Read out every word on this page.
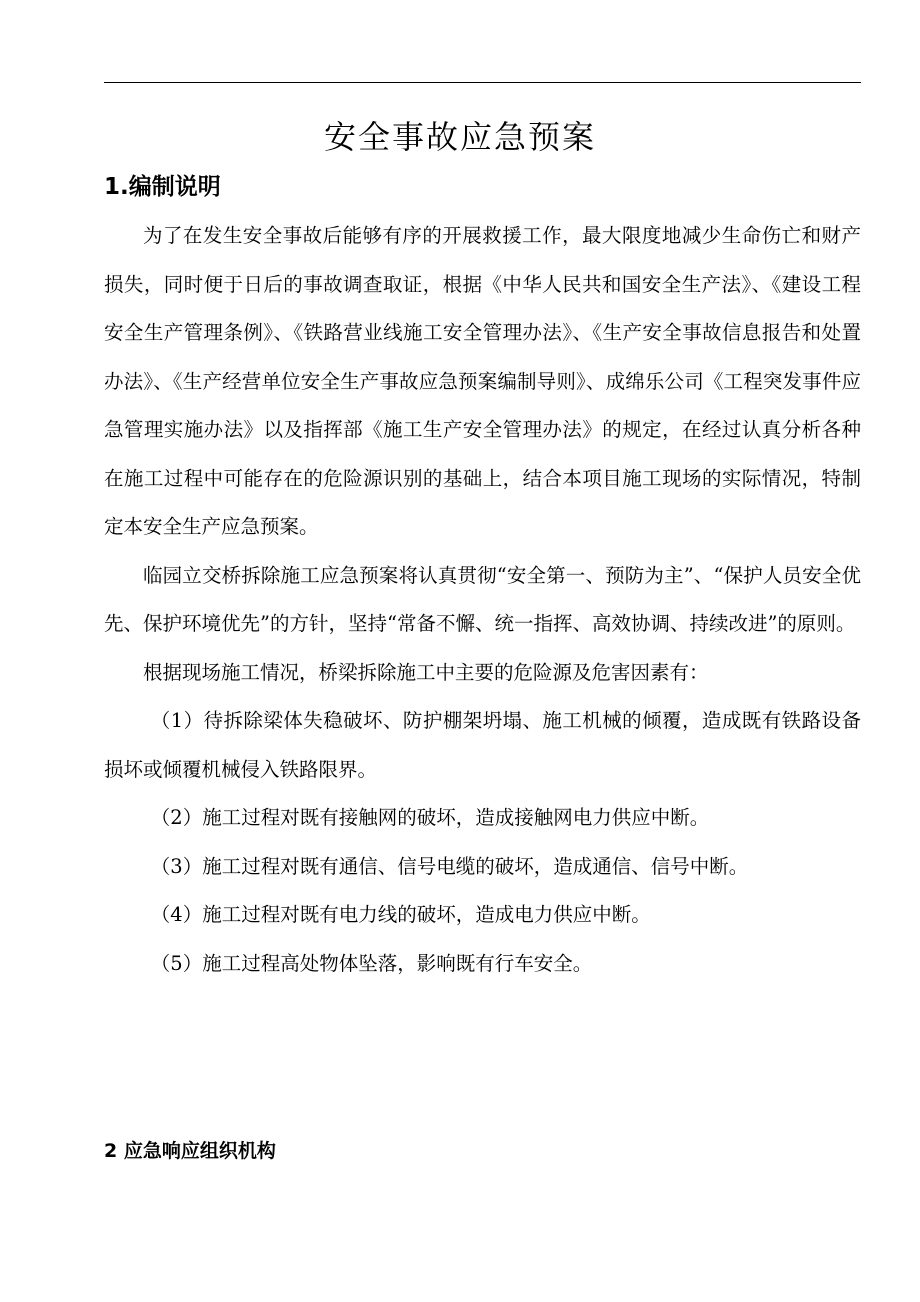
安全事故应急预案
1.编制说明

为了在发生安全事故后能够有序的开展救援工作，最大限度地减少生命伤亡和财产损失，同时便于日后的事故调查取证，根据《中华人民共和国安全生产法》、《建设工程安全生产管理条例》、《铁路营业线施工安全管理办法》、《生产安全事故信息报告和处置办法》、《生产经营单位安全生产事故应急预案编制导则》、成绵乐公司《工程突发事件应急管理实施办法》以及指挥部《施工生产安全管理办法》的规定，在经过认真分析各种在施工过程中可能存在的危险源识别的基础上，结合本项目施工现场的实际情况，特制定本安全生产应急预案。

临园立交桥拆除施工应急预案将认真贯彻“安全第一、预防为主”、“保护人员安全优先、保护环境优先”的方针，坚持“常备不懈、统一指挥、高效协调、持续改进”的原则。

根据现场施工情况，桥梁拆除施工中主要的危险源及危害因素有：

（1）待拆除梁体失稳破坏、防护棚架坍塌、施工机械的倾覆，造成既有铁路设备损坏或倾覆机械侵入铁路限界。

（2）施工过程对既有接触网的破坏，造成接触网电力供应中断。

（3）施工过程对既有通信、信号电缆的破坏，造成通信、信号中断。

（4）施工过程对既有电力线的破坏，造成电力供应中断。

（5）施工过程高处物体坠落，影响既有行车安全。

2 应急响应组织机构
